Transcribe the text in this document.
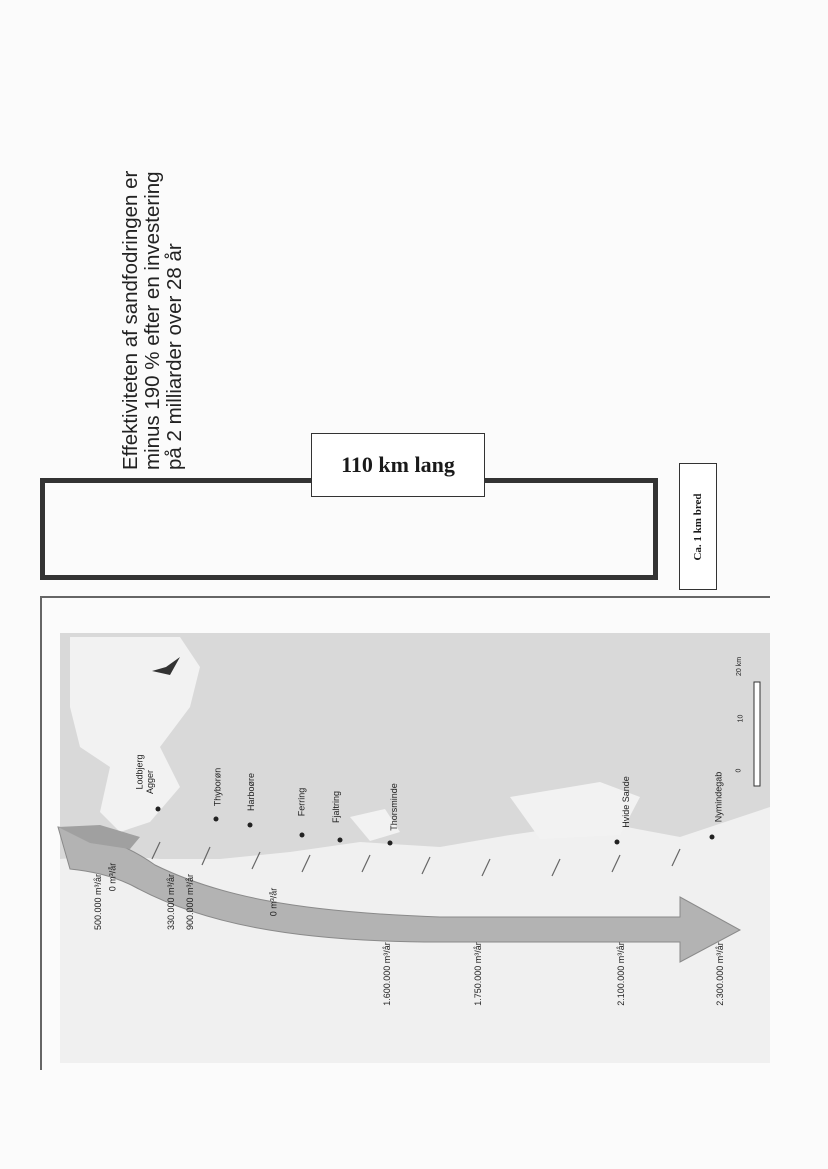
Effektiviteten af sandfodringen er minus 190 % efter en investering på 2 milliarder over 28 år	110 km lang
Ca. 1 km bred
500.000 m³/år 0 m³/år	330.000 m³/år 900.000 m³/år	0 m³/år
1.600.000 m³/år	1.750.000 m³/år	2.100.000 m³/år	2.300.000 m³/år
Lodbjerg Agger	Thyborøn	Harboøre	Ferring	Fjaltring	Thorsminde	Hvide Sande	Nymindegab
0
10
20 km
